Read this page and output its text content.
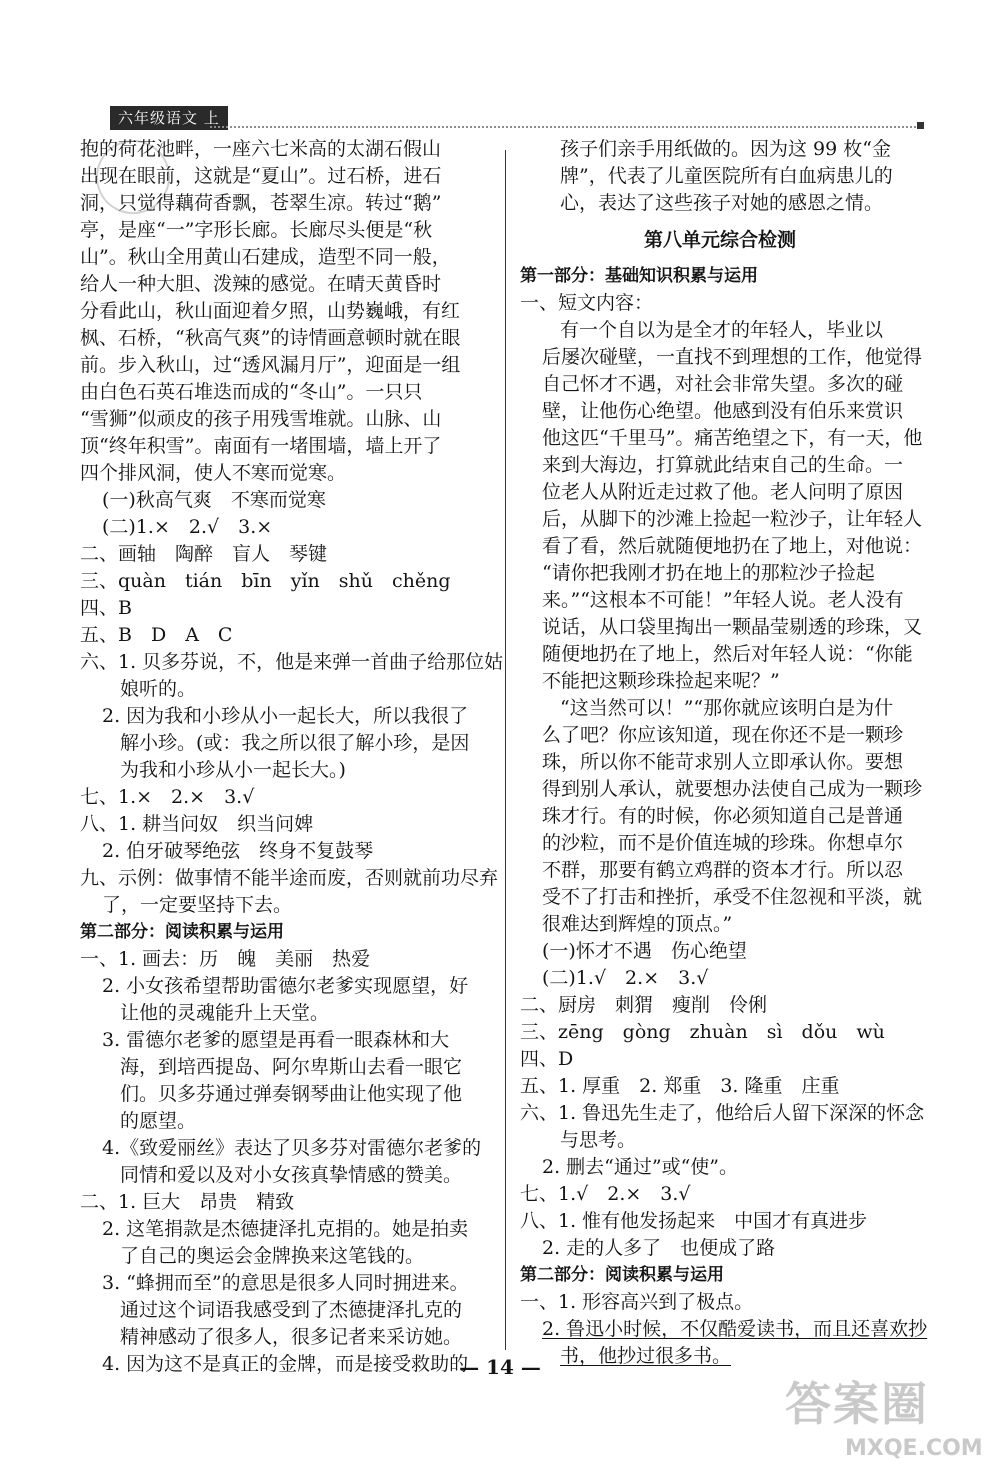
六年级语文 上
抱的荷花池畔，一座六七米高的太湖石假山
出现在眼前，这就是“夏山”。过石桥，进石
洞，只觉得藕荷香飘，苍翠生凉。转过“鹅”
亭，是座“一”字形长廊。长廊尽头便是“秋
山”。秋山全用黄山石建成，造型不同一般，
给人一种大胆、泼辣的感觉。在晴天黄昏时
分看此山，秋山面迎着夕照，山势巍峨，有红
枫、石桥，“秋高气爽”的诗情画意顿时就在眼
前。步入秋山，过“透风漏月厅”，迎面是一组
由白色石英石堆迭而成的“冬山”。一只只
“雪狮”似顽皮的孩子用残雪堆就。山脉、山
顶“终年积雪”。南面有一堵围墙，墙上开了
四个排风洞，使人不寒而觉寒。
(一)秋高气爽　不寒而觉寒
(二)1.×　2.√　3.×
二、画轴　陶醉　盲人　琴键
三、quàn　tián　bīn　yǐn　shǔ　chěng
四、B
五、B　D　A　C
六、1. 贝多芬说，不，他是来弹一首曲子给那位姑
娘听的。
2. 因为我和小珍从小一起长大，所以我很了
解小珍。(或：我之所以很了解小珍，是因
为我和小珍从小一起长大。)
七、1.×　2.×　3.√
八、1. 耕当问奴　织当问婢
2. 伯牙破琴绝弦　终身不复鼓琴
九、示例：做事情不能半途而废，否则就前功尽弃
了，一定要坚持下去。
第二部分：阅读积累与运用
一、1. 画去：历　魄　美丽　热爱
2. 小女孩希望帮助雷德尔老爹实现愿望，好
让他的灵魂能升上天堂。
3. 雷德尔老爹的愿望是再看一眼森林和大
海，到培西提岛、阿尔卑斯山去看一眼它
们。贝多芬通过弹奏钢琴曲让他实现了他
的愿望。
4.《致爱丽丝》表达了贝多芬对雷德尔老爹的
同情和爱以及对小女孩真挚情感的赞美。
二、1. 巨大　昂贵　精致
2. 这笔捐款是杰德捷泽扎克捐的。她是拍卖
了自己的奥运会金牌换来这笔钱的。
3. “蜂拥而至”的意思是很多人同时拥进来。
通过这个词语我感受到了杰德捷泽扎克的
精神感动了很多人，很多记者来采访她。
4. 因为这不是真正的金牌，而是接受救助的
孩子们亲手用纸做的。因为这 99 枚“金
牌”，代表了儿童医院所有白血病患儿的
心，表达了这些孩子对她的感恩之情。
第八单元综合检测
第一部分：基础知识积累与运用
一、短文内容：
有一个自以为是全才的年轻人，毕业以
后屡次碰壁，一直找不到理想的工作，他觉得
自己怀才不遇，对社会非常失望。多次的碰
壁，让他伤心绝望。他感到没有伯乐来赏识
他这匹“千里马”。痛苦绝望之下，有一天，他
来到大海边，打算就此结束自己的生命。一
位老人从附近走过救了他。老人问明了原因
后，从脚下的沙滩上捡起一粒沙子，让年轻人
看了看，然后就随便地扔在了地上，对他说：
“请你把我刚才扔在地上的那粒沙子捡起
来。”“这根本不可能！”年轻人说。老人没有
说话，从口袋里掏出一颗晶莹剔透的珍珠，又
随便地扔在了地上，然后对年轻人说：“你能
不能把这颗珍珠捡起来呢？”
“这当然可以！”“那你就应该明白是为什
么了吧？你应该知道，现在你还不是一颗珍
珠，所以你不能苛求别人立即承认你。要想
得到别人承认，就要想办法使自己成为一颗珍
珠才行。有的时候，你必须知道自己是普通
的沙粒，而不是价值连城的珍珠。你想卓尔
不群，那要有鹤立鸡群的资本才行。所以忍
受不了打击和挫折，承受不住忽视和平淡，就
很难达到辉煌的顶点。”
(一)怀才不遇　伤心绝望
(二)1.√　2.×　3.√
二、厨房　刺猬　瘦削　伶俐
三、zēng　gòng　zhuàn　sì　dǒu　wù
四、D
五、1. 厚重　2. 郑重　3. 隆重　庄重
六、1. 鲁迅先生走了，他给后人留下深深的怀念
与思考。
2. 删去“通过”或“使”。
七、1.√　2.×　3.√
八、1. 惟有他发扬起来　中国才有真进步
2. 走的人多了　也便成了路
第二部分：阅读积累与运用
一、1. 形容高兴到了极点。
2. 鲁迅小时候，不仅酷爱读书，而且还喜欢抄
书，他抄过很多书。
— 14 —
答案圈
MXQE.COM
